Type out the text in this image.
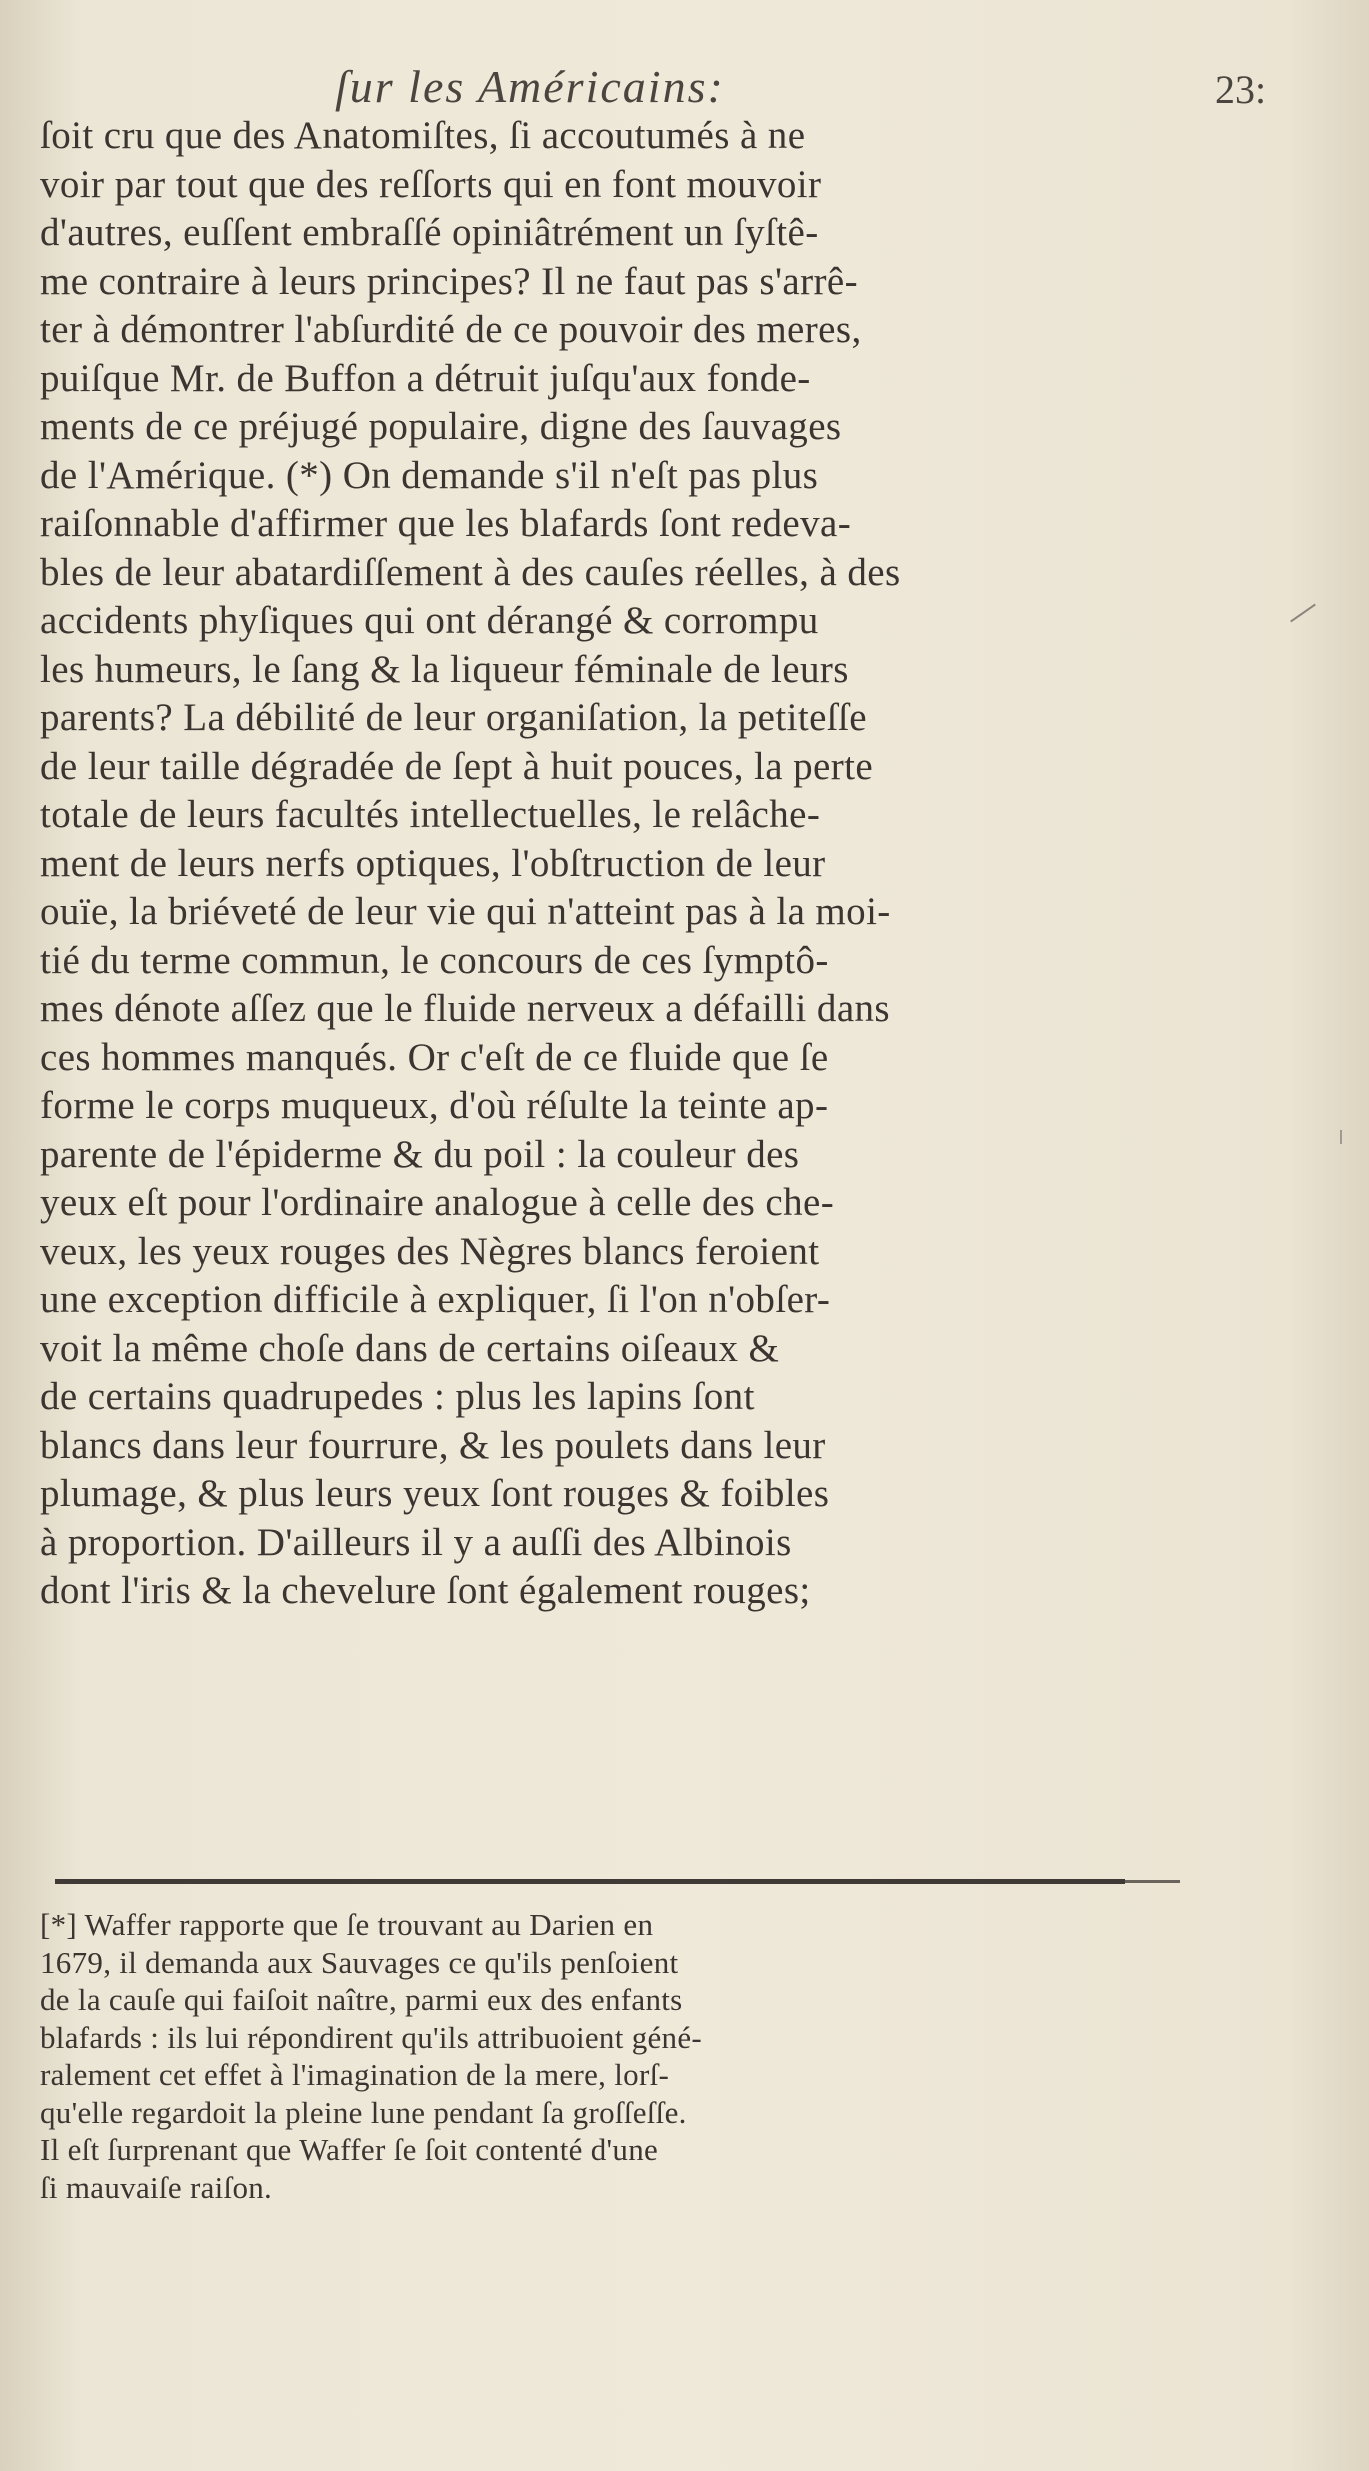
ſur les Américains:	23:
ſoit cru que des Anatomiſtes, ſi accoutumés à ne
voir par tout que des reſſorts qui en font mouvoir
d'autres, euſſent embraſſé opiniâtrément un ſyſtê-
me contraire à leurs principes? Il ne faut pas s'arrê-
ter à démontrer l'abſurdité de ce pouvoir des meres,
puiſque Mr. de Buffon a détruit juſqu'aux fonde-
ments de ce préjugé populaire, digne des ſauvages
de l'Amérique. (*) On demande s'il n'eſt pas plus
raiſonnable d'affirmer que les blafards ſont redeva-
bles de leur abatardiſſement à des cauſes réelles, à des
accidents phyſiques qui ont dérangé & corrompu
les humeurs, le ſang & la liqueur féminale de leurs
parents? La débilité de leur organiſation, la petiteſſe
de leur taille dégradée de ſept à huit pouces, la perte
totale de leurs facultés intellectuelles, le relâche-
ment de leurs nerfs optiques, l'obſtruction de leur
ouïe, la briéveté de leur vie qui n'atteint pas à la moi-
tié du terme commun, le concours de ces ſymptô-
mes dénote aſſez que le fluide nerveux a défailli dans
ces hommes manqués. Or c'eſt de ce fluide que ſe
forme le corps muqueux, d'où réſulte la teinte ap-
parente de l'épiderme & du poil : la couleur des
yeux eſt pour l'ordinaire analogue à celle des che-
veux, les yeux rouges des Nègres blancs feroient
une exception difficile à expliquer, ſi l'on n'obſer-
voit la même choſe dans de certains oiſeaux &
de certains quadrupedes : plus les lapins ſont
blancs dans leur fourrure, & les poulets dans leur
plumage, & plus leurs yeux ſont rouges & foibles
à proportion. D'ailleurs il y a auſſi des Albinois
dont l'iris & la chevelure ſont également rouges;
[*] Waffer rapporte que ſe trouvant au Darien en
1679, il demanda aux Sauvages ce qu'ils penſoient
de la cauſe qui faiſoit naître, parmi eux des enfants
blafards : ils lui répondirent qu'ils attribuoient géné-
ralement cet effet à l'imagination de la mere, lorſ-
qu'elle regardoit la pleine lune pendant ſa groſſeſſe.
Il eſt ſurprenant que Waffer ſe ſoit contenté d'une
ſi mauvaiſe raiſon.
